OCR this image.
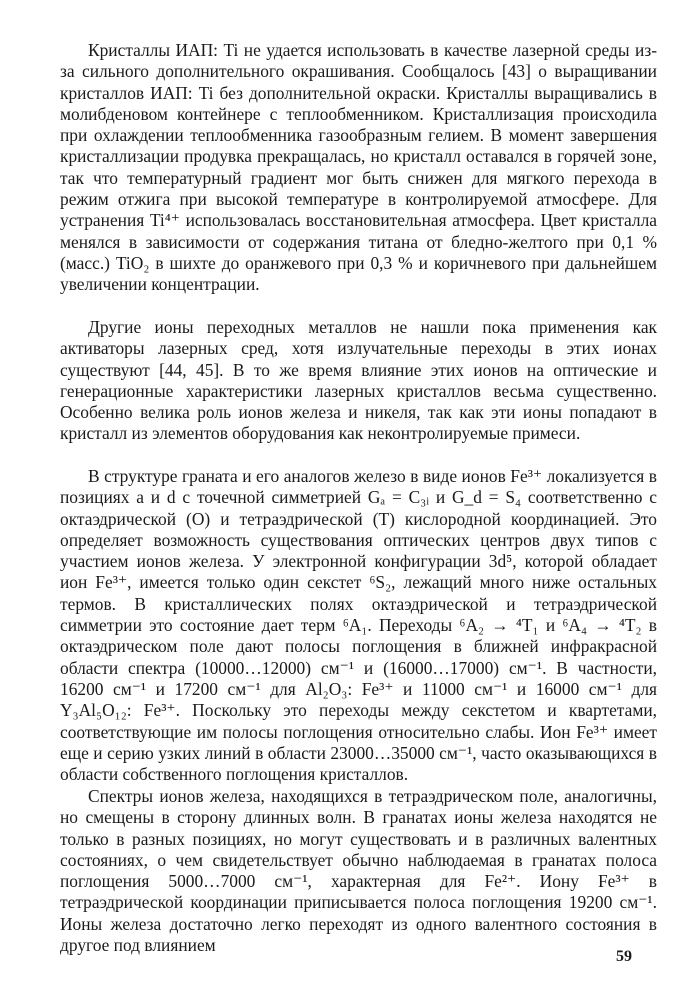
Кристаллы ИАП: Ti не удается использовать в качестве лазерной среды из-за сильного дополнительного окрашивания. Сообщалось [43] о выращивании кристаллов ИАП: Ti без дополнительной окраски. Кристаллы выращивались в молибденовом контейнере с теплообменником. Кристаллизация происходила при охлаждении теплообменника газообразным гелием. В момент завершения кристаллизации продувка прекращалась, но кристалл оставался в горячей зоне, так что температурный градиент мог быть снижен для мягкого перехода в режим отжига при высокой температуре в контролируемой атмосфере. Для устранения Ti⁴⁺ использовалась восстановительная атмосфера. Цвет кристалла менялся в зависимости от содержания титана от бледно-желтого при 0,1 % (масс.) TiO₂ в шихте до оранжевого при 0,3 % и коричневого при дальнейшем увеличении концентрации.

Другие ионы переходных металлов не нашли пока применения как активаторы лазерных сред, хотя излучательные переходы в этих ионах существуют [44, 45]. В то же время влияние этих ионов на оптические и генерационные характеристики лазерных кристаллов весьма существенно. Особенно велика роль ионов железа и никеля, так как эти ионы попадают в кристалл из элементов оборудования как неконтролируемые примеси.

В структуре граната и его аналогов железо в виде ионов Fe³⁺ локализуется в позициях a и d с точечной симметрией Gₐ = C₃ᵢ и G_d = S₄ соответственно с октаэдрической (O) и тетраэдрической (T) кислородной координацией. Это определяет возможность существования оптических центров двух типов с участием ионов железа. У электронной конфигурации 3d⁵, которой обладает ион Fe³⁺, имеется только один секстет ⁶S₂, лежащий много ниже остальных термов. В кристаллических полях октаэдрической и тетраэдрической симметрии это состояние дает терм ⁶A₁. Переходы ⁶A₂ → ⁴T₁ и ⁶A₄ → ⁴T₂ в октаэдрическом поле дают полосы поглощения в ближней инфракрасной области спектра (10000…12000) см⁻¹ и (16000…17000) см⁻¹. В частности, 16200 см⁻¹ и 17200 см⁻¹ для Al₂O₃: Fe³⁺ и 11000 см⁻¹ и 16000 см⁻¹ для Y₃Al₅O₁₂: Fe³⁺. Поскольку это переходы между секстетом и квартетами, соответствующие им полосы поглощения относительно слабы. Ион Fe³⁺ имеет еще и серию узких линий в области 23000…35000 см⁻¹, часто оказывающихся в области собственного поглощения кристаллов.

Спектры ионов железа, находящихся в тетраэдрическом поле, аналогичны, но смещены в сторону длинных волн. В гранатах ионы железа находятся не только в разных позициях, но могут существовать и в различных валентных состояниях, о чем свидетельствует обычно наблюдаемая в гранатах полоса поглощения 5000…7000 см⁻¹, характерная для Fe²⁺. Иону Fe³⁺ в тетраэдрической координации приписывается полоса поглощения 19200 см⁻¹. Ионы железа достаточно легко переходят из одного валентного состояния в другое под влиянием

59
